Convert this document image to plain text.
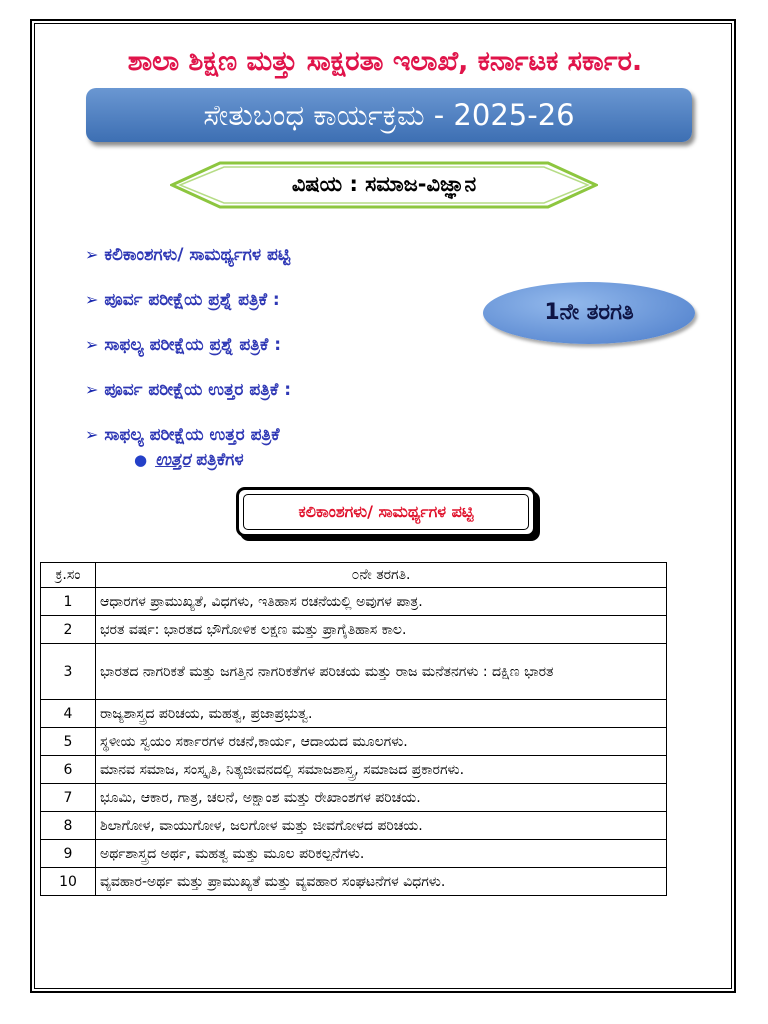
ಶಾಲಾ ಶಿಕ್ಷಣ ಮತ್ತು ಸಾಕ್ಷರತಾ ಇಲಾಖೆ, ಕರ್ನಾಟಕ ಸರ್ಕಾರ.
ಸೇತುಬಂಧ ಕಾರ್ಯಕ್ರಮ - 2025-26
ವಿಷಯ : ಸಮಾಜ-ವಿಜ್ಞಾನ
➢ ಕಲಿಕಾಂಶಗಳು/ ಸಾಮರ್ಥ್ಯಗಳ ಪಟ್ಟಿ
➢ ಪೂರ್ವ ಪರೀಕ್ಷೆಯ ಪ್ರಶ್ನೆ ಪತ್ರಿಕೆ :
➢ ಸಾಫಲ್ಯ ಪರೀಕ್ಷೆಯ ಪ್ರಶ್ನೆ ಪತ್ರಿಕೆ :
➢ ಪೂರ್ವ ಪರೀಕ್ಷೆಯ ಉತ್ತರ ಪತ್ರಿಕೆ :
➢ ಸಾಫಲ್ಯ ಪರೀಕ್ಷೆಯ ಉತ್ತರ ಪತ್ರಿಕೆ
● ಉತ್ತರ ಪತ್ರಿಕೆಗಳ
1ನೇ ತರಗತಿ
ಕಲಿಕಾಂಶಗಳು/ ಸಾಮರ್ಥ್ಯಗಳ ಪಟ್ಟಿ
ಕ್ರ.ಸಂ	೦ನೇ ತರಗತಿ.
1	ಆಧಾರಗಳ ಪ್ರಾಮುಖ್ಯತೆ, ವಿಧಗಳು, ಇತಿಹಾಸ ರಚನೆಯಲ್ಲಿ ಅವುಗಳ ಪಾತ್ರ.
2	ಭರತ ವರ್ಷ: ಭಾರತದ ಭೌಗೋಳಿಕ ಲಕ್ಷಣ ಮತ್ತು ಪ್ರಾಗೈತಿಹಾಸ ಕಾಲ.
3	ಭಾರತದ ನಾಗರಿಕತೆ ಮತ್ತು ಜಗತ್ತಿನ ನಾಗರಿಕತೆಗಳ ಪರಿಚಯ ಮತ್ತು ರಾಜ ಮನೆತನಗಳು : ದಕ್ಷಿಣ ಭಾರತ
4	ರಾಜ್ಯಶಾಸ್ತ್ರದ ಪರಿಚಯ, ಮಹತ್ವ, ಪ್ರಜಾಪ್ರಭುತ್ವ.
5	ಸ್ಥಳೀಯ ಸ್ವಯಂ ಸರ್ಕಾರಗಳ ರಚನೆ,ಕಾರ್ಯ, ಆದಾಯದ ಮೂಲಗಳು.
6	ಮಾನವ ಸಮಾಜ, ಸಂಸ್ಕೃತಿ, ನಿತ್ಯಜೀವನದಲ್ಲಿ ಸಮಾಜಶಾಸ್ತ್ರ, ಸಮಾಜದ ಪ್ರಕಾರಗಳು.
7	ಭೂಮಿ, ಆಕಾರ, ಗಾತ್ರ, ಚಲನೆ, ಅಕ್ಷಾಂಶ ಮತ್ತು ರೇಖಾಂಶಗಳ ಪರಿಚಯ.
8	ಶಿಲಾಗೋಳ, ವಾಯುಗೋಳ, ಜಲಗೋಳ ಮತ್ತು ಜೀವಗೋಳದ ಪರಿಚಯ.
9	ಅರ್ಥಶಾಸ್ತ್ರದ ಅರ್ಥ, ಮಹತ್ವ ಮತ್ತು ಮೂಲ ಪರಿಕಲ್ಪನೆಗಳು.
10	ವ್ಯವಹಾರ-ಅರ್ಥ ಮತ್ತು ಪ್ರಾಮುಖ್ಯತೆ ಮತ್ತು ವ್ಯವಹಾರ ಸಂಘಟನೆಗಳ ವಿಧಗಳು.
